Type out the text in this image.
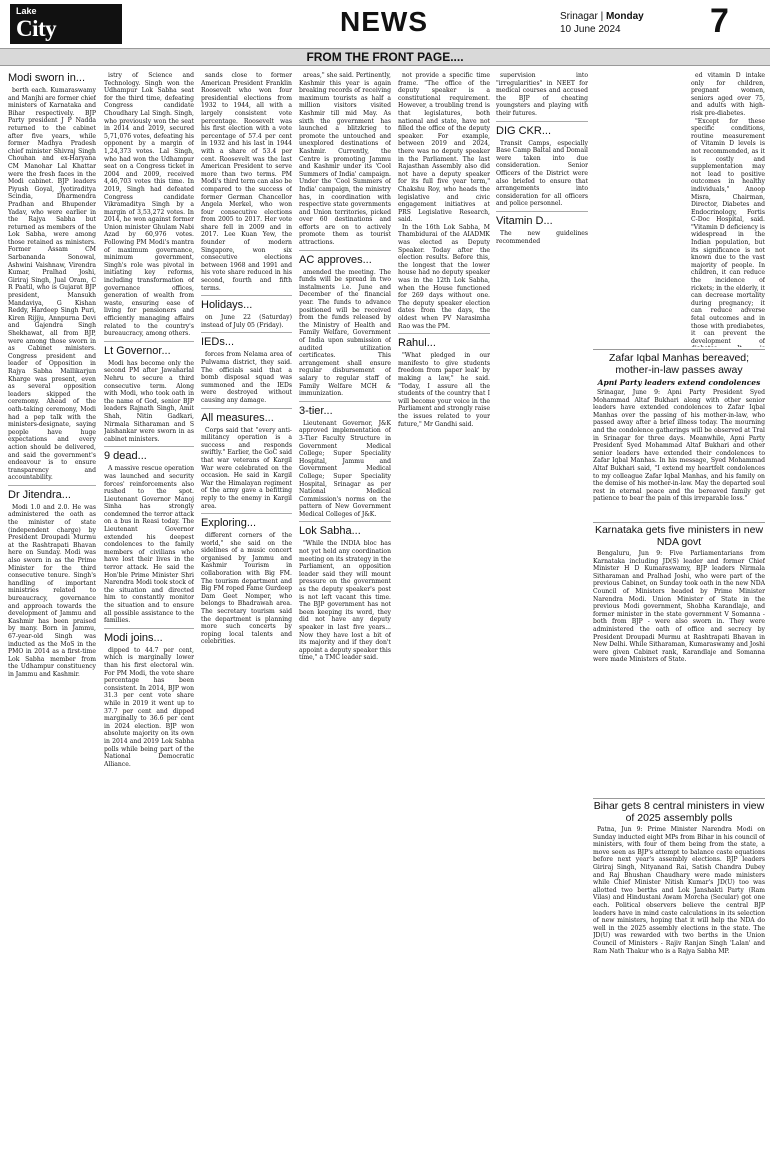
Lake
City	NEWS	Srinagar | Monday
10 June 2024	7
FROM THE FRONT PAGE....
Modi sworn in...

berth each. Kumaraswamy and Manjhi are former chief ministers of Karnataka and Bihar respectively. BJP Party president J P Nadda returned to the cabinet after five years, while former Madhya Pradesh chief minister Shivraj Singh Chouhan and ex-Haryana CM Manohar Lal Khattar were the fresh faces in the Modi cabinet. BJP leaders Piyush Goyal, Jyotiraditya Scindia, Dharmendra Pradhan and Bhupender Yadav, who were earlier in the Rajya Sabha but returned as members of the Lok Sabha, were among those retained as ministers. Former Assam CM Sarbananda Sonowal, Ashwini Vaishnaw, Virendra Kumar, Pralhad Joshi, Giriraj Singh, Jual Oram, C R Paatil, who is Gujarat BJP president, Mansukh Mandaviya, G Kishan Reddy, Hardeep Singh Puri, Kiren Rijiju, Annpurna Devi and Gajendra Singh Shekhawat, all from BJP, were among those sworn in as Cabinet ministers. Congress president and leader of Opposition in Rajya Sabha Mallikarjun Kharge was present, even as several opposition leaders skipped the ceremony. Ahead of the oath-taking ceremony, Modi had a pep talk with the ministers-designate, saying people have huge expectations and every action should be delivered, and said the government's endeavour is to ensure transparency and accountability.

Dr Jitendra...

Modi 1.0 and 2.0. He was administered the oath as the minister of state (independent charge) by President Droupadi Murmu at the Rashtrapati Bhavan here on Sunday. Modi was also sworn in as the Prime Minister for the third consecutive tenure. Singh's handling of important ministries related to bureaucracy, governance and approach towards the development of Jammu and Kashmir has been praised by many. Born in Jammu, 67-year-old Singh was inducted as the MoS in the PMO in 2014 as a first-time Lok Sabha member from the Udhampur constituency in Jammu and Kashmir.

istry of Science and Technology. Singh won the Udhampur Lok Sabha seat for the third time, defeating Congress candidate Choudhary Lal Singh. Singh, who previously won the seat in 2014 and 2019, secured 5,71,076 votes, defeating his opponent by a margin of 1,24,373 votes. Lal Singh, who had won the Udhampur seat on a Congress ticket in 2004 and 2009, received 4,46,703 votes this time. In 2019, Singh had defeated Congress candidate Vikramaditya Singh by a margin of 3,53,272 votes. In 2014, he won against former Union minister Ghulam Nabi Azad by 60,976 votes. Following PM Modi's mantra of maximum governance, minimum government, Singh's role was pivotal in initiating key reforms, including transformation of governance offices, generation of wealth from waste, ensuring ease of living for pensioners and efficiently managing affairs related to the country's bureaucracy, among others.

Lt Governor...

Modi has become only the second PM after Jawaharlal Nehru to secure a third consecutive term. Along with Modi, who took oath in the name of God, senior BJP leaders Rajnath Singh, Amit Shah, Nitin Gadkari, Nirmala Sitharaman and S Jaishankar were sworn in as cabinet ministers.

9 dead...

A massive rescue operation was launched and security forces' reinforcements also rushed to the spot. Lieutenant Governor Manoj Sinha has strongly condemned the terror attack on a bus in Reasi today. The Lieutenant Governor extended his deepest condolences to the family members of civilians who have lost their lives in the terror attack. He said the Hon'ble Prime Minister Shri Narendra Modi took stock of the situation and directed him to constantly monitor the situation and to ensure all possible assistance to the families.

Modi joins...

dipped to 44.7 per cent, which is marginally lower than his first electoral win. For PM Modi, the vote share percentage has been consistent. In 2014, BJP won 31.3 per cent vote share while in 2019 it went up to 37.7 per cent and dipped marginally to 36.6 per cent in 2024 election. BJP won absolute majority on its own in 2014 and 2019 Lok Sabha polls while being part of the National Democratic Alliance.

sands close to former American President Franklin Roosevelt who won four presidential elections from 1932 to 1944, all with a largely consistent vote percentage. Roosevelt was his first election with a vote percentage of 57.4 per cent in 1932 and his last in 1944 with a share of 53.4 per cent. Roosevelt was the last American President to serve more than two terms. PM Modi's third term can also be compared to the success of former German Chancellor Angela Merkel, who won four consecutive elections from 2005 to 2017. Her vote share fell in 2009 and in 2017. Lee Kuan Yew, the founder of modern Singapore, won six consecutive elections between 1968 and 1991 and his vote share reduced in his second, fourth and fifth terms.

Holidays...

on June 22 (Saturday) instead of July 05 (Friday).

IEDs...

forces from Nelama area of Pulwama district, they said. The officials said that a bomb disposal squad was summoned and the IEDs were destroyed without causing any damage.

All measures...

Corps said that "every anti-militancy operation is a success and responds swiftly." Earlier, the GoC said that war veterans of Kargil War were celebrated on the occasion. He said in Kargil War the Himalayan regiment of the army gave a befitting reply to the enemy in Kargil area.

Exploring...

different corners of the world," she said on the sidelines of a music concert organised by Jammu and Kashmir Tourism in collaboration with Big FM. The tourism department and Big FM roped Fame Gurdeep Dam Geet Nomper, who belongs to Bhadrawah area. The secretary tourism said the department is planning more such concerts by roping local talents and celebrities.

areas," she said. Pertinently, Kashmir this year is again breaking records of receiving maximum tourists as half a million visitors visited Kashmir till mid May. As sixth the government has launched a blitzkrieg to promote the untouched and unexplored destinations of Kashmir. Currently, the Centre is promoting Jammu and Kashmir under its 'Cool Summers of India' campaign. Under the 'Cool Summers of India' campaign, the ministry has, in coordination with respective state governments and Union territories, picked over 60 destinations and efforts are on to actively promote them as tourist attractions.

AC approves...

amended the meeting. The funds will be spread in two instalments i.e. June and December of the financial year. The funds to advance positioned will be received from the funds released by the Ministry of Health and Family Welfare, Government of India upon submission of audited utilization certificates. This arrangement shall ensure regular disbursement of salary to regular staff of Family Welfare MCH & immunization.

3-tier...

Lieutenant Governor, J&K approved implementation of 3-Tier Faculty Structure in Government Medical College; Super Speciality Hospital, Jammu and Government Medical College; Super Speciality Hospital, Srinagar as per National Medical Commission's norms on the pattern of New Government Medical Colleges of J&K.

Lok Sabha...

"While the INDIA bloc has not yet held any coordination meeting on its strategy in the Parliament, an opposition leader said they will mount pressure on the government as the deputy speaker's post is not left vacant this time. The BJP government has not been keeping its word, they did not have any deputy speaker in last five years... Now they have lost a bit of its majority and if they don't appoint a deputy speaker this time," a TMC leader said.

not provide a specific time frame. "The office of the deputy speaker is a constitutional requirement. However, a troubling trend is that legislatures, both national and state, have not filled the office of the deputy speaker. For example, between 2019 and 2024, there was no deputy speaker in the Parliament. The last Rajasthan Assembly also did not have a deputy speaker for its full five year term," Chakshu Roy, who heads the legislative and civic engagement initiatives at PRS Legislative Research, said.

In the 16th Lok Sabha, M Thambidurai of the AIADMK was elected as Deputy Speaker. Today after the election results. Before this, the longest that the lower house had no deputy speaker was in the 12th Lok Sabha, when the House functioned for 269 days without one. The deputy speaker election dates from the days, the oldest when PV Narasimha Rao was the PM.

Rahul...

"What pledged in our manifesto to give students freedom from paper leak' by making a law," he said. "Today, I assure all the students of the country that I will become your voice in the Parliament and strongly raise the issues related to your future," Mr Gandhi said.

supervision into "irregularities" in NEET for medical courses and accused the BJP of cheating youngsters and playing with their futures.

DIG CKR...

Transit Camps, especially Base Camp Baltal and Domail were taken into due consideration. Senior Officers of the District were also briefed to ensure that arrangements into consideration for all officers and police personnel.

Vitamin D...

The new guidelines recommended

ed vitamin D intake only for children, pregnant women, seniors aged over 75, and adults with high-risk pre-diabetes.

"Except for these specific conditions, routine measurement of Vitamin D levels is not recommended, as it is costly and supplementation may not lead to positive outcomes in healthy individuals," Anoop Misra, Chairman, Director, Diabetes and Endocrinology, Fortis C-Doc Hospital, said. "Vitamin D deficiency is widespread in the Indian population, but its significance is not known due to the vast majority of people. In children, it can reduce the incidence of rickets; in the elderly, it can decrease mortality during pregnancy; it can reduce adverse fetal outcomes and in those with prediabetes, it can prevent the development of

Zafar Iqbal Manhas bereaved; mother-in-law passes away
Apni Party leaders extend condolences

Srinagar, June 9: Apni Party President Syed Mohammad Altaf Bukhari along with other senior leaders have extended condolences to Zafar Iqbal Manhas over the passing of his mother-in-law, who passed away after a brief illness today. The mourning and the condolence gatherings will be observed at Tral in Srinagar for three days. Meanwhile, Apni Party President Syed Mohammad Altaf Bukhari and other senior leaders have extended their condolences to Zafar Iqbal Manhas. In his message, Syed Mohammad Altaf Bukhari said, "I extend my heartfelt condolences to my colleague Zafar Iqbal Manhas, and his family on the demise of his mother-in-law. May the departed soul rest in eternal peace and the bereaved family get patience to bear the pain of this irreparable loss."

Karnataka gets five ministers in new NDA govt

Bengaluru, Jun 9: Five Parliamentarians from Karnataka including JD(S) leader and former Chief Minister H D Kumaraswamy, BJP leaders Nirmala Sitharaman and Pralhad Joshi, who were part of the previous Cabinet, on Sunday took oath in the new NDA Council of Ministers headed by Prime Minister Narendra Modi. Union Minister of State in the previous Modi government, Shobha Karandlaje, and former minister in the state government V Somanna - both from BJP - were also sworn in. They were administered the oath of office and secrecy by President Droupadi Murmu at Rashtrapati Bhavan in New Delhi. While Sitharaman, Kumaraswamy and Joshi were given Cabinet rank, Karandlaje and Somanna were made Ministers of State.

Bihar gets 8 central ministers in view of 2025 assembly polls

Patna, Jun 9: Prime Minister Narendra Modi on Sunday inducted eight MPs from Bihar in his council of ministers, with four of them being from the state, a move seen as BJP's attempt to balance caste equations before next year's assembly elections. BJP leaders Giriraj Singh, Nityanand Rai, Satish Chandra Dubey and Raj Bhushan Chaudhary were made ministers while Chief Minister Nitish Kumar's JD(U) too was allotted two berths and Lok Janshakti Party (Ram Vilas) and Hindustani Awam Morcha (Secular) got one each. Political observers believe the central BJP leaders have in mind caste calculations in its selection of new ministers, hoping that it will help the NDA do well in the 2025 assembly elections in the state. The JD(U) was rewarded with two berths in the Union Council of Ministers - Rajiv Ranjan Singh 'Lalan' and Ram Nath Thakur who is a Rajya Sabha MP.
